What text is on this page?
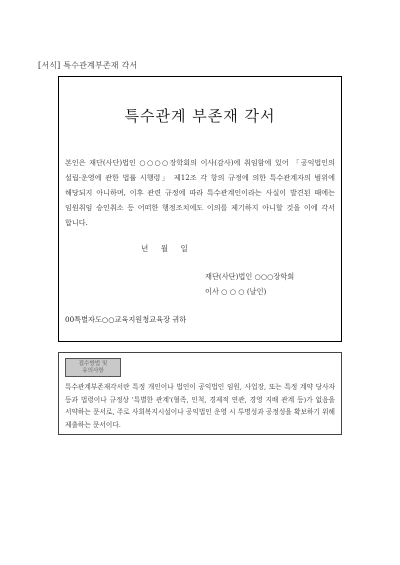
[서식] 특수관계부존재 각서
특수관계 부존재 각서
본인은 재단(사단)법인 ○○○○장학회의 이사(감사)에 취임함에 있어 「공익법인의 설립·운영에 관한 법률 시행령」 제12조 각 항의 규정에 의한 특수관계자의 범위에 해당되지 아니하며, 이후 관련 규정에 따라 특수관계인이라는 사실이 발견된 때에는 임원취임 승인취소 등 어떠한 행정조치에도 이의를 제기하지 아니할 것을 이에 각서 합니다.
년 월 일
재단(사단)법인 ○○○장학회
이사 ○ ○ ○ (날인)
00특별자도○○교육지원청교육장 귀하
접수방법 및
유의사항
특수관계부존재각서란 특정 개인이나 법인이 공익법인 임원, 사업장, 또는 특정 계약 당사자 등과 법령이나 규정상 '특별한 관계'(혈족, 인척, 경제적 연관, 경영 지배 관계 등)가 없음을 서약하는 문서로, 주로 사회복지시설이나 공익법인 운영 시 투명성과 공정성을 확보하기 위해 제출하는 문서이다.
